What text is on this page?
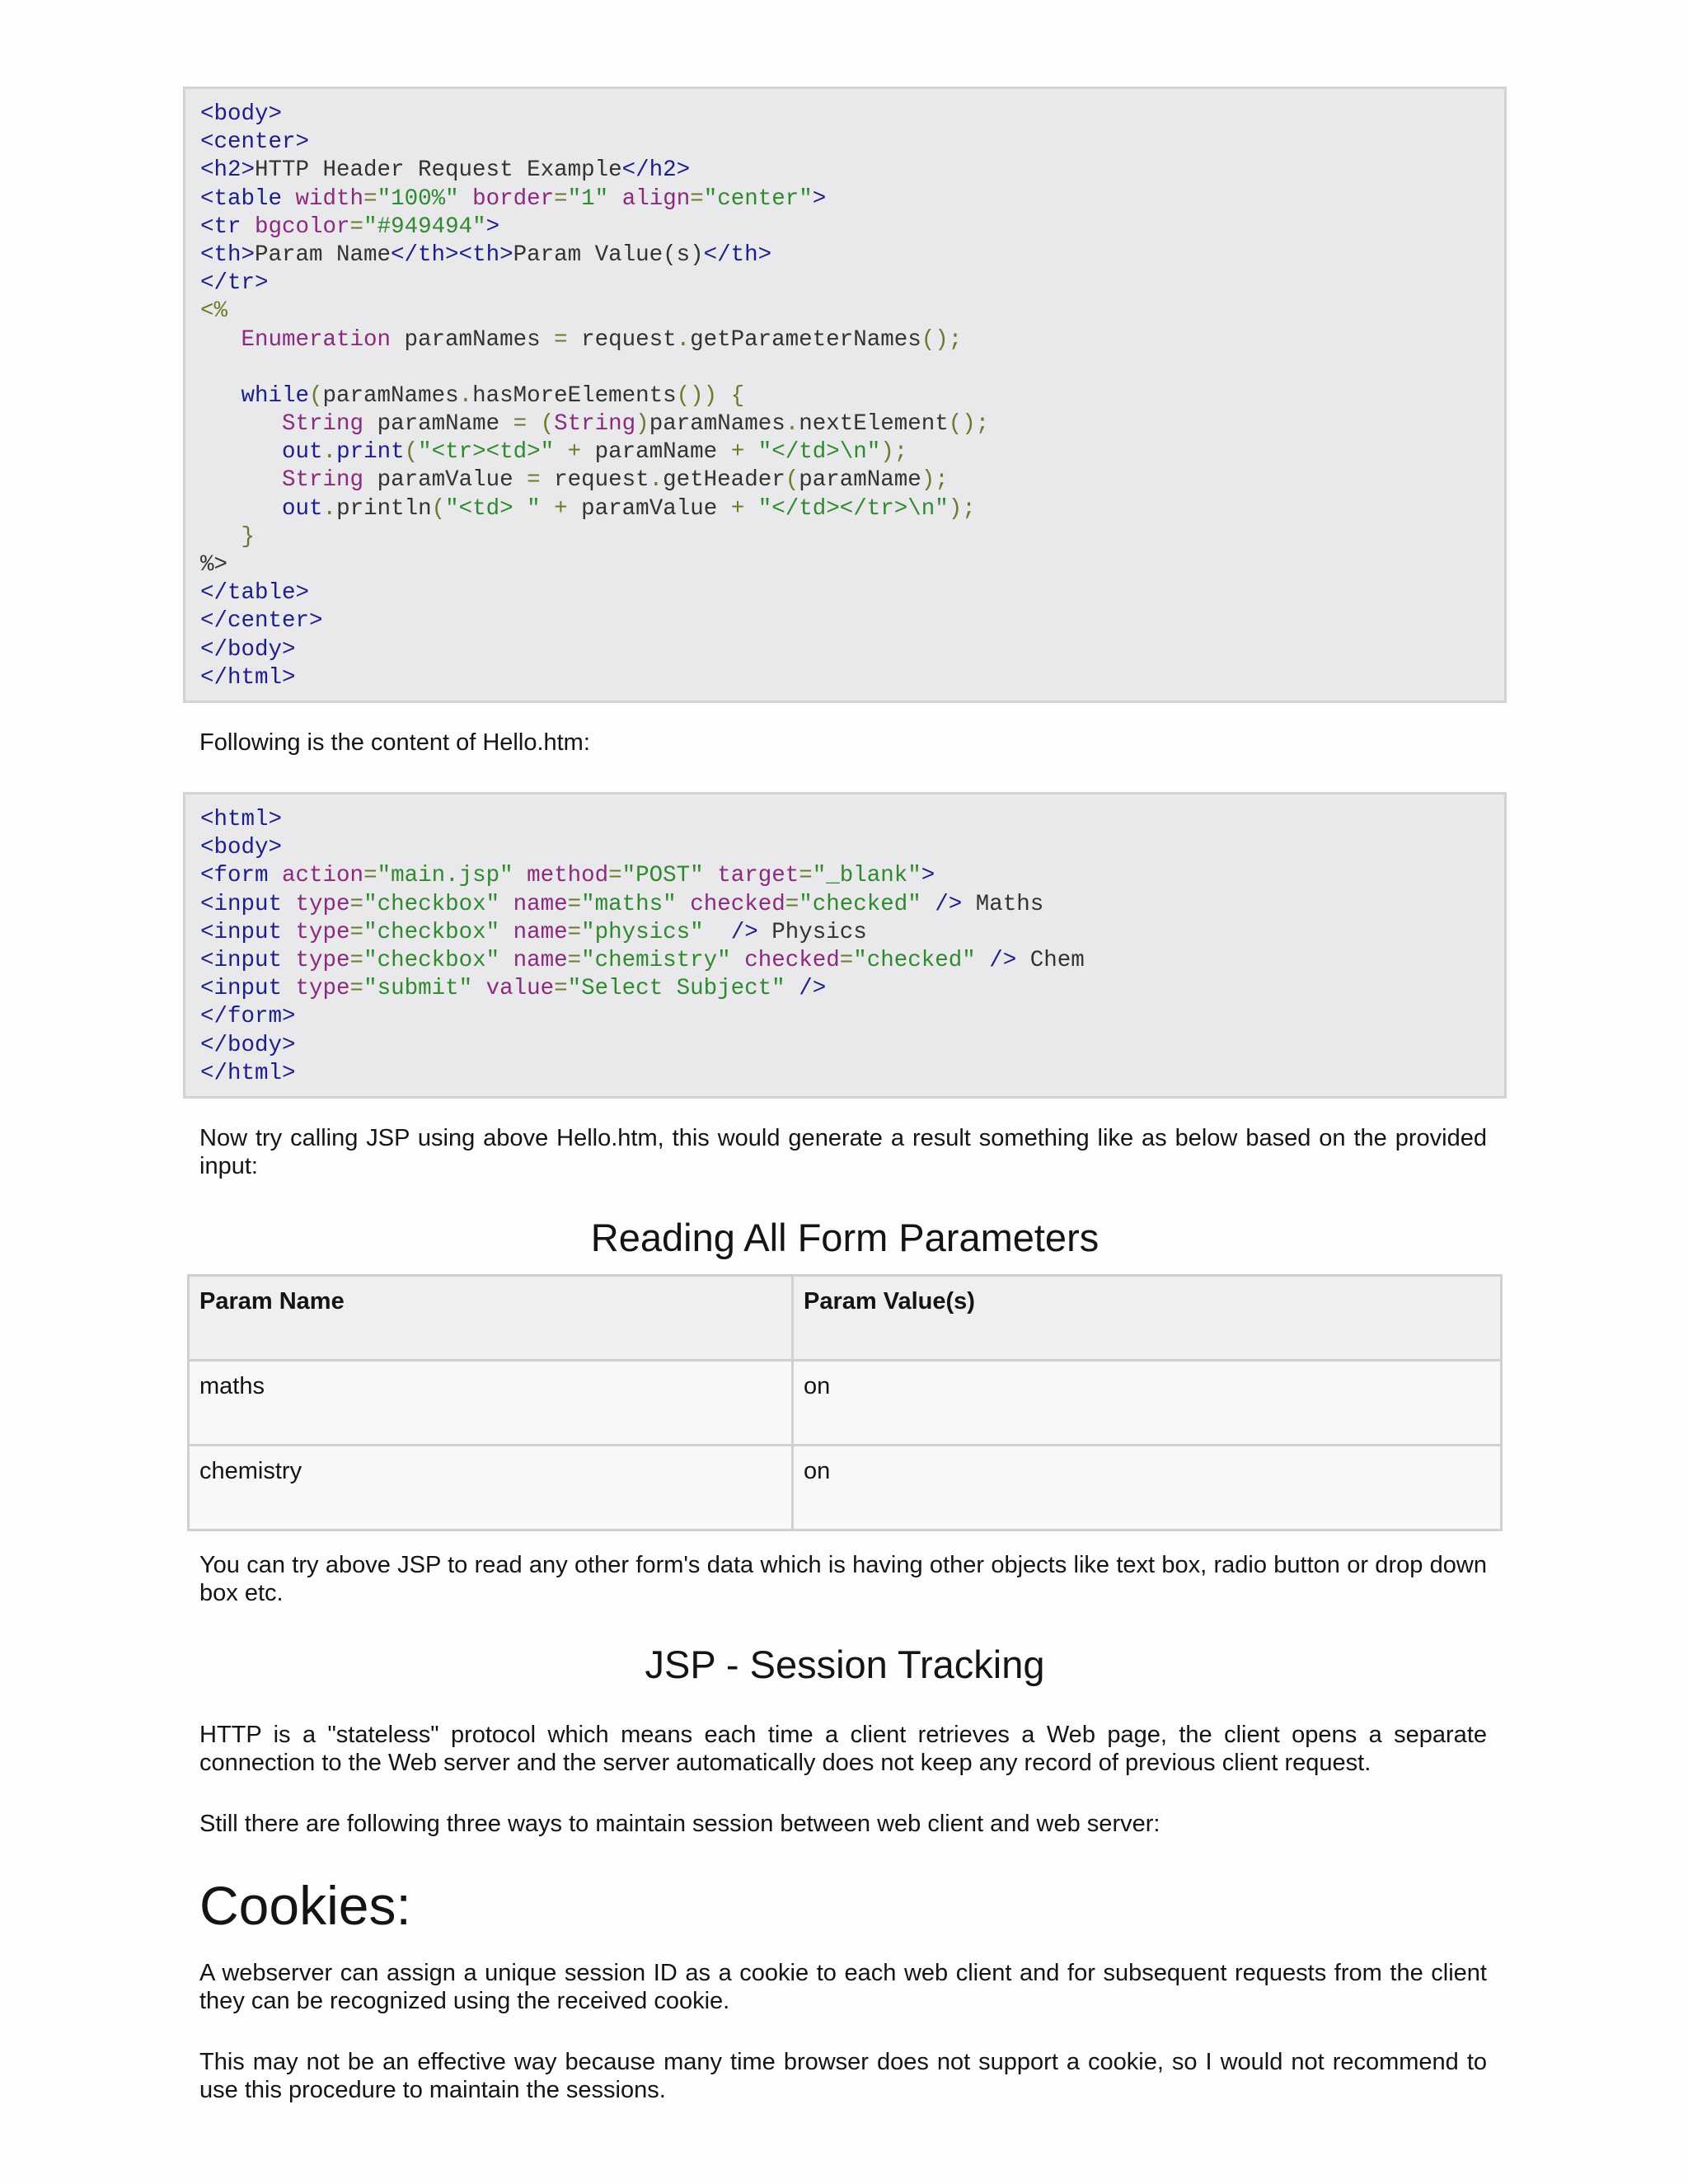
<body>
<center>
<h2>HTTP Header Request Example</h2>
<table width="100%" border="1" align="center">
<tr bgcolor="#949494">
<th>Param Name</th><th>Param Value(s)</th>
</tr>
<%
Enumeration paramNames = request.getParameterNames();
while(paramNames.hasMoreElements()) {
String paramName = (String)paramNames.nextElement();
out.print("<tr><td>" + paramName + "</td>\n");
String paramValue = request.getHeader(paramName);
out.println("<td> " + paramValue + "</td></tr>\n");
}
%>
</table>
</center>
</body>
</html>
Following is the content of Hello.htm:
<html>
<body>
<form action="main.jsp" method="POST" target="_blank">
<input type="checkbox" name="maths" checked="checked" /> Maths
<input type="checkbox" name="physics" /> Physics
<input type="checkbox" name="chemistry" checked="checked" /> Chem
<input type="submit" value="Select Subject" />
</form>
</body>
</html>
Now try calling JSP using above Hello.htm, this would generate a result something like as below based on the provided input:
Reading All Form Parameters
Param Name	Param Value(s)
maths	on
chemistry	on
You can try above JSP to read any other form's data which is having other objects like text box, radio button or drop down box etc.
JSP - Session Tracking
HTTP is a "stateless" protocol which means each time a client retrieves a Web page, the client opens a separate connection to the Web server and the server automatically does not keep any record of previous client request.
Still there are following three ways to maintain session between web client and web server:
Cookies:
A webserver can assign a unique session ID as a cookie to each web client and for subsequent requests from the client they can be recognized using the received cookie.
This may not be an effective way because many time browser does not support a cookie, so I would not recommend to use this procedure to maintain the sessions.
